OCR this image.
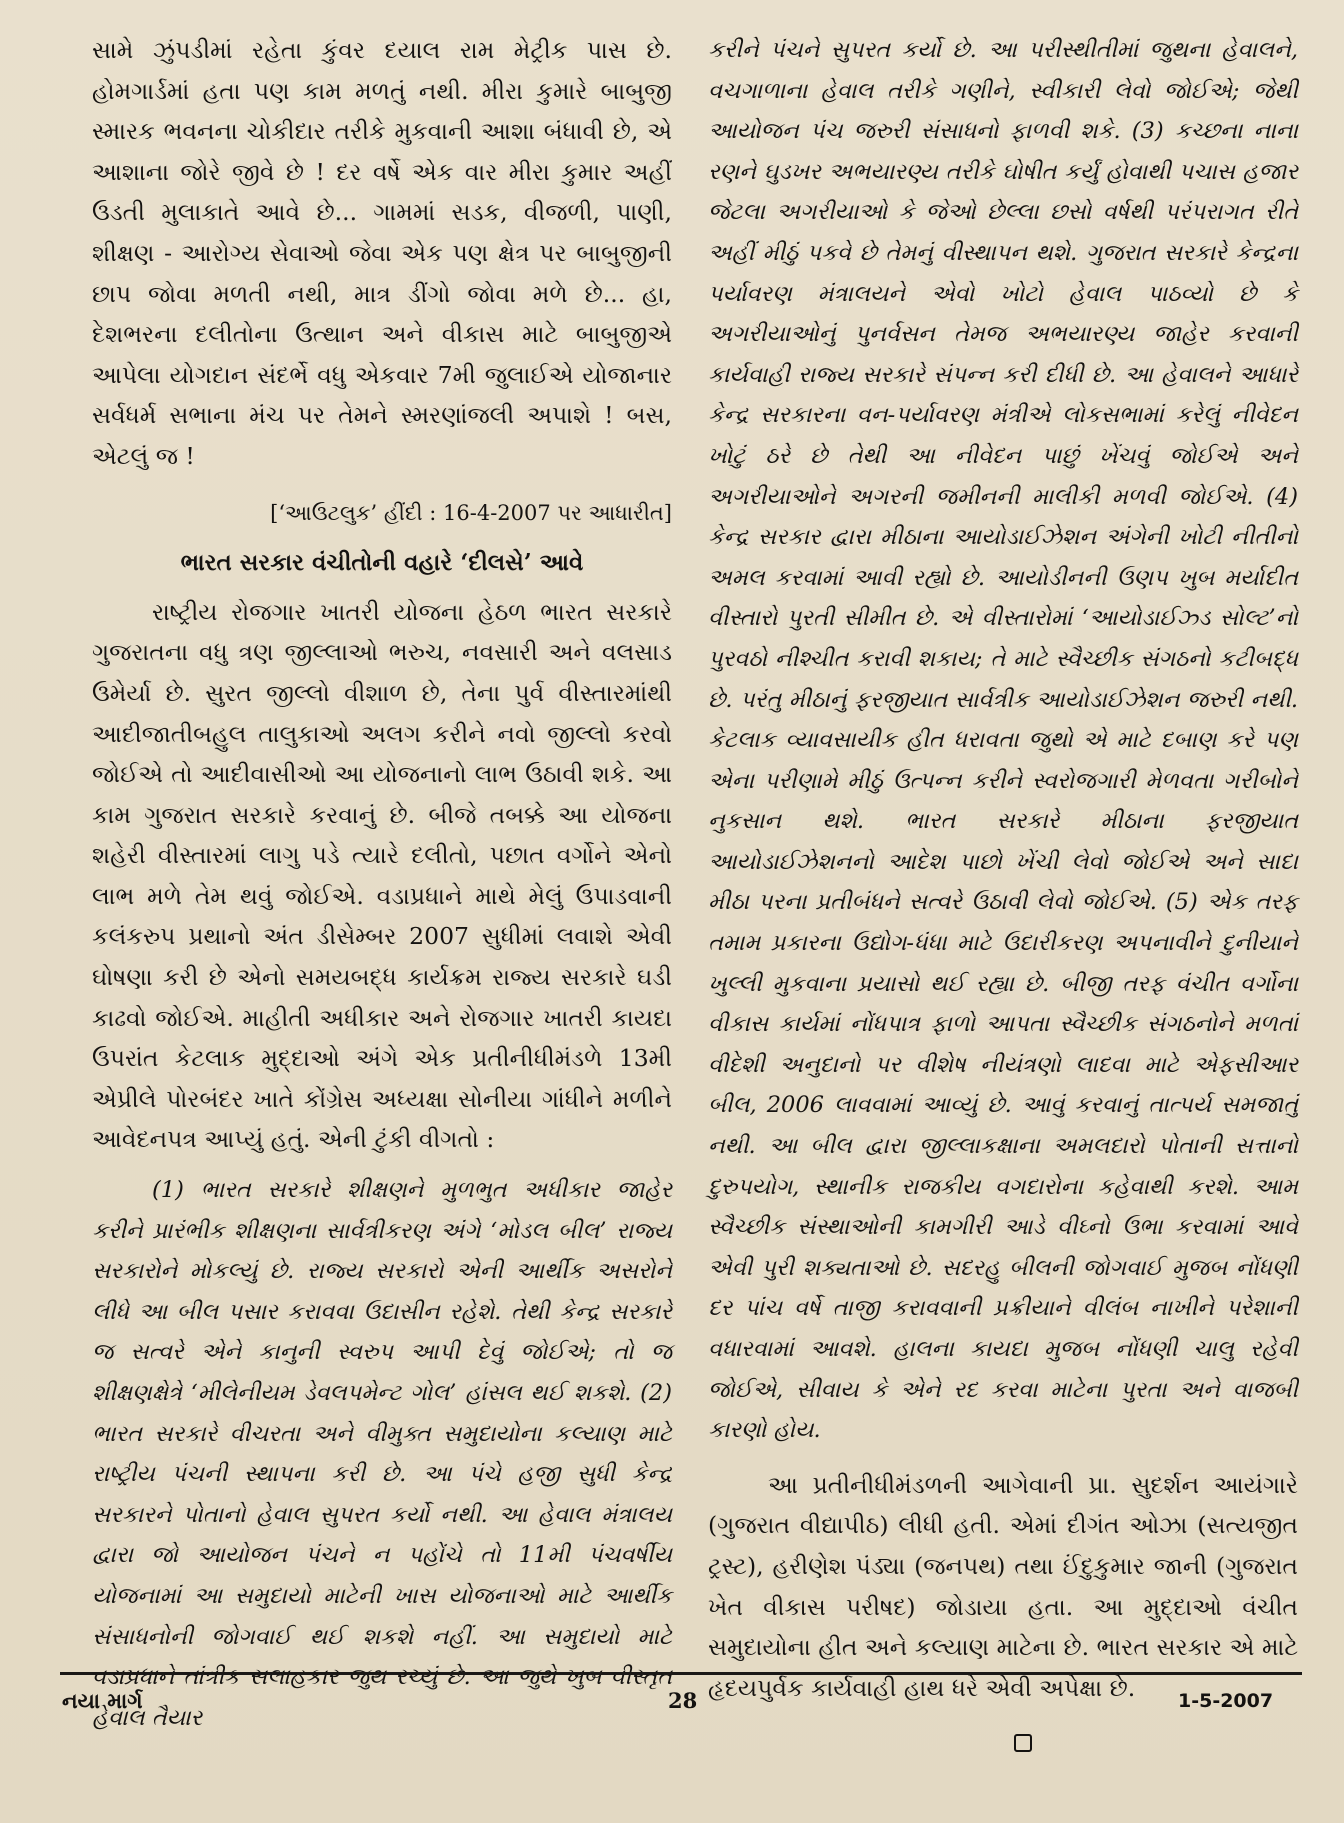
સામે ઝુંપડીમાં રહેતા કુંવર દયાલ રામ મેટ્રીક પાસ છે. હોમગાર્ડમાં હતા પણ કામ મળતું નથી. મીરા કુમારે બાબુજી સ્મારક ભવનના ચોકીદાર તરીકે મુકવાની આશા બંધાવી છે, એ આશાના જોરે જીવે છે ! દર વર્ષે એક વાર મીરા કુમાર અહીં ઉડતી મુલાકાતે આવે છે... ગામમાં સડક, વીજળી, પાણી, શીક્ષણ - આરોગ્ય સેવાઓ જેવા એક પણ ક્ષેત્ર પર બાબુજીની છાપ જોવા મળતી નથી, માત્ર ડીંગો જોવા મળે છે... હા, દેશભરના દલીતોના ઉત્થાન અને વીકાસ માટે બાબુજીએ આપેલા યોગદાન સંદર્ભે વધુ એકવાર 7મી જુલાઈએ યોજાનાર સર્વધર્મ સભાના મંચ પર તેમને સ્મરણાંજલી અપાશે ! બસ, એટલું જ !

[‘આઉટલુક’ હીંદી : 16-4-2007 પર આધારીત]
ભારત સરકાર વંચીતોની વહારે ‘દીલસે’ આવે

રાષ્ટ્રીય રોજગાર ખાતરી યોજના હેઠળ ભારત સરકારે ગુજરાતના વધુ ત્રણ જીલ્લાઓ ભરુચ, નવસારી અને વલસાડ ઉમેર્યા છે. સુરત જીલ્લો વીશાળ છે, તેના પુર્વ વીસ્તારમાંથી આદીજાતીબહુલ તાલુકાઓ અલગ કરીને નવો જીલ્લો કરવો જોઈએ તો આદીવાસીઓ આ યોજનાનો લાભ ઉઠાવી શકે. આ કામ ગુજરાત સરકારે કરવાનું છે. બીજે તબક્કે આ યોજના શહેરી વીસ્તારમાં લાગુ પડે ત્યારે દલીતો, પછાત વર્ગોને એનો લાભ મળે તેમ થવું જોઈએ. વડાપ્રધાને માથે મેલું ઉપાડવાની કલંકરુપ પ્રથાનો અંત ડીસેમ્બર 2007 સુધીમાં લવાશે એવી ઘોષણા કરી છે એનો સમયબદ્ધ કાર્યક્રમ રાજ્ય સરકારે ઘડી કાઢવો જોઈએ. માહીતી અધીકાર અને રોજગાર ખાતરી કાયદા ઉપરાંત કેટલાક મુદ્દાઓ અંગે એક પ્રતીનીધીમંડળે 13મી એપ્રીલે પોરબંદર ખાતે કોંગ્રેસ અધ્યક્ષા સોનીયા ગાંધીને મળીને આવેદનપત્ર આપ્યું હતું. એની ટુંકી વીગતો :

(1) ભારત સરકારે શીક્ષણને મુળભુત અધીકાર જાહેર કરીને પ્રારંભીક શીક્ષણના સાર્વત્રીકરણ અંગે ‘મોડલ બીલ’ રાજ્ય સરકારોને મોકલ્યું છે. રાજ્ય સરકારો એની આર્થીક અસરોને લીધે આ બીલ પસાર કરાવવા ઉદાસીન રહેશે. તેથી કેન્દ્ર સરકારે જ સત્વરે એને કાનુની સ્વરુપ આપી દેવું જોઈએ; તો જ શીક્ષણક્ષેત્રે ‘મીલેનીયમ ડેવલપમેન્ટ ગોલ’ હાંસલ થઈ શકશે. (2) ભારત સરકારે વીચરતા અને વીમુક્ત સમુદાયોના કલ્યાણ માટે રાષ્ટ્રીય પંચની સ્થાપના કરી છે. આ પંચે હજી સુધી કેન્દ્ર સરકારને પોતાનો હેવાલ સુપરત કર્યો નથી. આ હેવાલ મંત્રાલય દ્વારા જો આયોજન પંચને ન પહોંચે તો 11મી પંચવર્ષીય યોજનામાં આ સમુદાયો માટેની ખાસ યોજનાઓ માટે આર્થીક સંસાધનોની જોગવાઈ થઈ શકશે નહીં. આ સમુદાયો માટે વડાપ્રધાને તાંત્રીક સલાહકાર જુથ રચ્યું છે. આ જુથે ખુબ વીસ્તૃત હેવાલ તૈયાર

કરીને પંચને સુપરત કર્યો છે. આ પરીસ્થીતીમાં જુથના હેવાલને, વચગાળાના હેવાલ તરીકે ગણીને, સ્વીકારી લેવો જોઈએ; જેથી આયોજન પંચ જરુરી સંસાધનો ફાળવી શકે. (3) કચ્છના નાના રણને ઘુડખર અભયારણ્ય તરીકે ઘોષીત કર્યું હોવાથી પચાસ હજાર જેટલા અગરીયાઓ કે જેઓ છેલ્લા છસો વર્ષથી પરંપરાગત રીતે અહીં મીઠું પકવે છે તેમનું વીસ્થાપન થશે. ગુજરાત સરકારે કેન્દ્રના પર્યાવરણ મંત્રાલયને એવો ખોટો હેવાલ પાઠવ્યો છે કે અગરીયાઓનું પુનર્વસન તેમજ અભયારણ્ય જાહેર કરવાની કાર્યવાહી રાજ્ય સરકારે સંપન્ન કરી દીધી છે. આ હેવાલને આધારે કેન્દ્ર સરકારના વન-પર્યાવરણ મંત્રીએ લોકસભામાં કરેલું નીવેદન ખોટું ઠરે છે તેથી આ નીવેદન પાછું ખેંચવું જોઈએ અને અગરીયાઓને અગરની જમીનની માલીકી મળવી જોઈએ. (4) કેન્દ્ર સરકાર દ્વારા મીઠાના આયોડાઈઝેશન અંગેની ખોટી નીતીનો અમલ કરવામાં આવી રહ્યો છે. આયોડીનની ઉણપ ખુબ મર્યાદીત વીસ્તારો પુરતી સીમીત છે. એ વીસ્તારોમાં ‘આયોડાઈઝ્ડ સોલ્ટ’નો પુરવઠો નીશ્ચીત કરાવી શકાય; તે માટે સ્વૈચ્છીક સંગઠનો કટીબદ્ધ છે. પરંતુ મીઠાનું ફરજીયાત સાર્વત્રીક આયોડાઈઝેશન જરુરી નથી. કેટલાક વ્યાવસાયીક હીત ધરાવતા જુથો એ માટે દબાણ કરે પણ એના પરીણામે મીઠું ઉત્પન્ન કરીને સ્વરોજગારી મેળવતા ગરીબોને નુકસાન થશે. ભારત સરકારે મીઠાના ફરજીયાત આયોડાઈઝેશનનો આદેશ પાછો ખેંચી લેવો જોઈએ અને સાદા મીઠા પરના પ્રતીબંધને સત્વરે ઉઠાવી લેવો જોઈએ. (5) એક તરફ તમામ પ્રકારના ઉદ્યોગ-ધંધા માટે ઉદારીકરણ અપનાવીને દુનીયાને ખુલ્લી મુકવાના પ્રયાસો થઈ રહ્યા છે. બીજી તરફ વંચીત વર્ગોના વીકાસ કાર્યમાં નોંધપાત્ર ફાળો આપતા સ્વૈચ્છીક સંગઠનોને મળતાં વીદેશી અનુદાનો પર વીશેષ નીયંત્રણો લાદવા માટે એફસીઆર બીલ, 2006 લાવવામાં આવ્યું છે. આવું કરવાનું તાત્પર્ય સમજાતું નથી. આ બીલ દ્વારા જીલ્લાકક્ષાના અમલદારો પોતાની સત્તાનો દુરુપયોગ, સ્થાનીક રાજકીય વગદારોના કહેવાથી કરશે. આમ સ્વૈચ્છીક સંસ્થાઓની કામગીરી આડે વીઘ્નો ઉભા કરવામાં આવે એવી પુરી શક્યતાઓ છે. સદરહુ બીલની જોગવાઈ મુજબ નોંધણી દર પાંચ વર્ષે તાજી કરાવવાની પ્રક્રીયાને વીલંબ નાખીને પરેશાની વધારવામાં આવશે. હાલના કાયદા મુજબ નોંધણી ચાલુ રહેવી જોઈએ, સીવાય કે એને રદ કરવા માટેના પુરતા અને વાજબી કારણો હોય.

આ પ્રતીનીધીમંડળની આગેવાની પ્રા. સુદર્શન આયંગારે (ગુજરાત વીદ્યાપીઠ) લીધી હતી. એમાં દીગંત ઓઝા (સત્યજીત ટ્રસ્ટ), હરીણેશ પંડ્યા (જનપથ) તથા ઈંદુકુમાર જાની (ગુજરાત ખેત વીકાસ પરીષદ) જોડાયા હતા. આ મુદ્દાઓ વંચીત સમુદાયોના હીત અને કલ્યાણ માટેના છે. ભારત સરકાર એ માટે હૃદયપુર્વક કાર્યવાહી હાથ ધરે એવી અપેક્ષા છે.

નયા માર્ગ	28	1-5-2007
